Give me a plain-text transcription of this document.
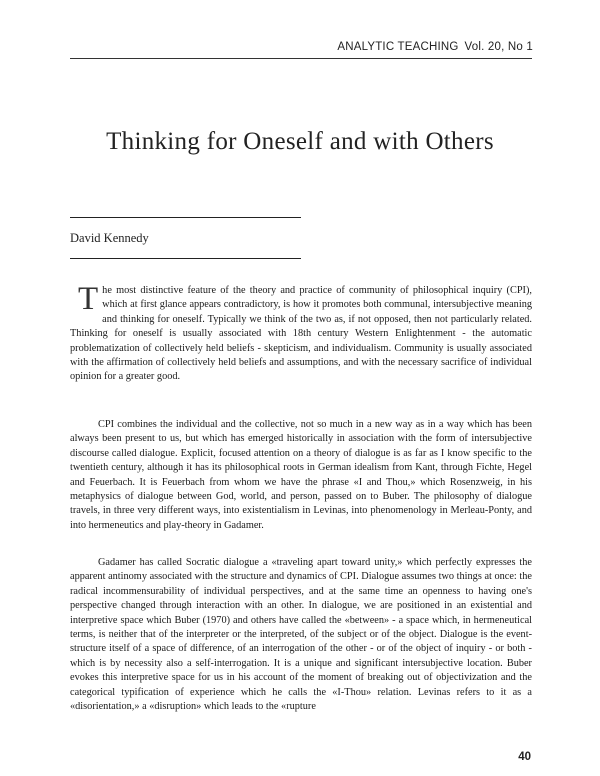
ANALYTIC TEACHING Vol. 20, No 1
Thinking for Oneself and with Others
David Kennedy
The most distinctive feature of the theory and practice of community of philosophical inquiry (CPI), which at first glance appears contradictory, is how it promotes both communal, intersubjective meaning and thinking for oneself. Typically we think of the two as, if not opposed, then not particularly related. Thinking for oneself is usually associated with 18th century Western Enlightenment - the automatic problematization of collectively held beliefs - skepticism, and individualism. Community is usually associated with the affirmation of collectively held beliefs and assumptions, and with the necessary sacrifice of individual opinion for a greater good.

CPI combines the individual and the collective, not so much in a new way as in a way which has been always been present to us, but which has emerged historically in association with the form of intersubjective discourse called dialogue. Explicit, focused attention on a theory of dialogue is as far as I know specific to the twentieth century, although it has its philosophical roots in German idealism from Kant, through Fichte, Hegel and Feuerbach. It is Feuerbach from whom we have the phrase «I and Thou,» which Rosenzweig, in his metaphysics of dialogue between God, world, and person, passed on to Buber. The philosophy of dialogue travels, in three very different ways, into existentialism in Levinas, into phenomenology in Merleau-Ponty, and into hermeneutics and play-theory in Gadamer.

Gadamer has called Socratic dialogue a «traveling apart toward unity,» which perfectly expresses the apparent antinomy associated with the structure and dynamics of CPI. Dialogue assumes two things at once: the radical incommensurability of individual perspectives, and at the same time an openness to having one's perspective changed through interaction with an other. In dialogue, we are positioned in an existential and interpretive space which Buber (1970) and others have called the «between» - a space which, in hermeneutical terms, is neither that of the interpreter or the interpreted, of the subject or of the object. Dialogue is the event-structure itself of a space of difference, of an interrogation of the other - or of the object of inquiry - or both - which is by necessity also a self-interrogation. It is a unique and significant intersubjective location. Buber evokes this interpretive space for us in his account of the moment of breaking out of objectivization and the categorical typification of experience which he calls the «I-Thou» relation. Levinas refers to it as a «disorientation,» a «disruption» which leads to the «rupture

40
